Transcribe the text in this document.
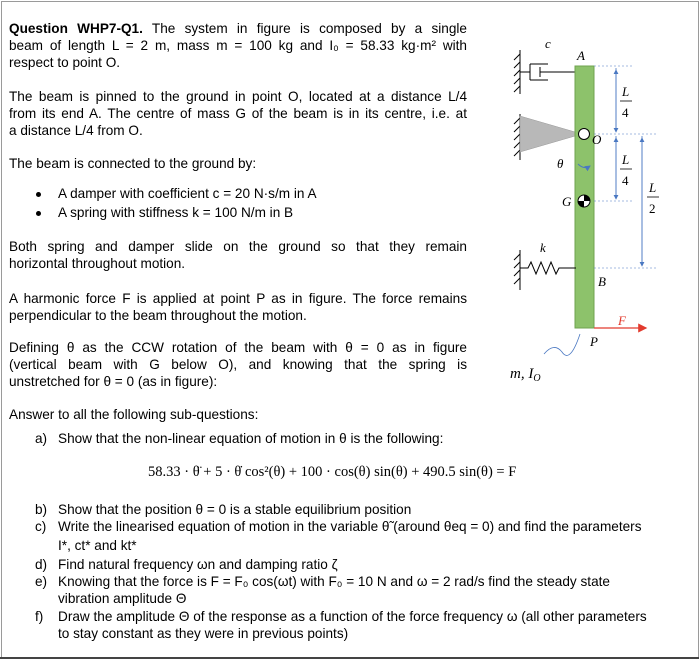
Question WHP7-Q1. The system in figure is composed by a single
beam of length L = 2 m, mass m = 100 kg and I₀ = 58.33 kg·m² with
respect to point O.
The beam is pinned to the ground in point O, located at a distance L/4
from its end A. The centre of mass G of the beam is in its centre, i.e. at
a distance L/4 from O.
The beam is connected to the ground by:
A damper with coefficient c = 20 N·s/m in A
A spring with stiffness k = 100 N/m in B
Both spring and damper slide on the ground so that they remain
horizontal throughout motion.
A harmonic force F is applied at point P as in figure. The force remains
perpendicular to the beam throughout the motion.
Defining θ as the CCW rotation of the beam with θ = 0 as in figure
(vertical beam with G below O), and knowing that the spring is
unstretched for θ = 0 (as in figure):
Answer to all the following sub-questions:
a) Show that the non-linear equation of motion in θ is the following:
58.33 · θ̈ + 5 · θ̇ cos²(θ) + 100 · cos(θ) sin(θ) + 490.5 sin(θ) = F
b) Show that the position θ = 0 is a stable equilibrium position
c) Write the linearised equation of motion in the variable θ̃ (around θeq = 0) and find the parameters
I*, ct* and kt*
d) Find natural frequency ωn and damping ratio ζ
e) Knowing that the force is F = F₀ cos(ωt) with F₀ = 10 N and ω = 2 rad/s find the steady state
vibration amplitude Θ
f) Draw the amplitude Θ of the response as a function of the force frequency ω (all other parameters
to stay constant as they were in previous points)
c
O
A
θ
G
k
B
F
P
m, $I_O$
L
4
L
4 L
2
